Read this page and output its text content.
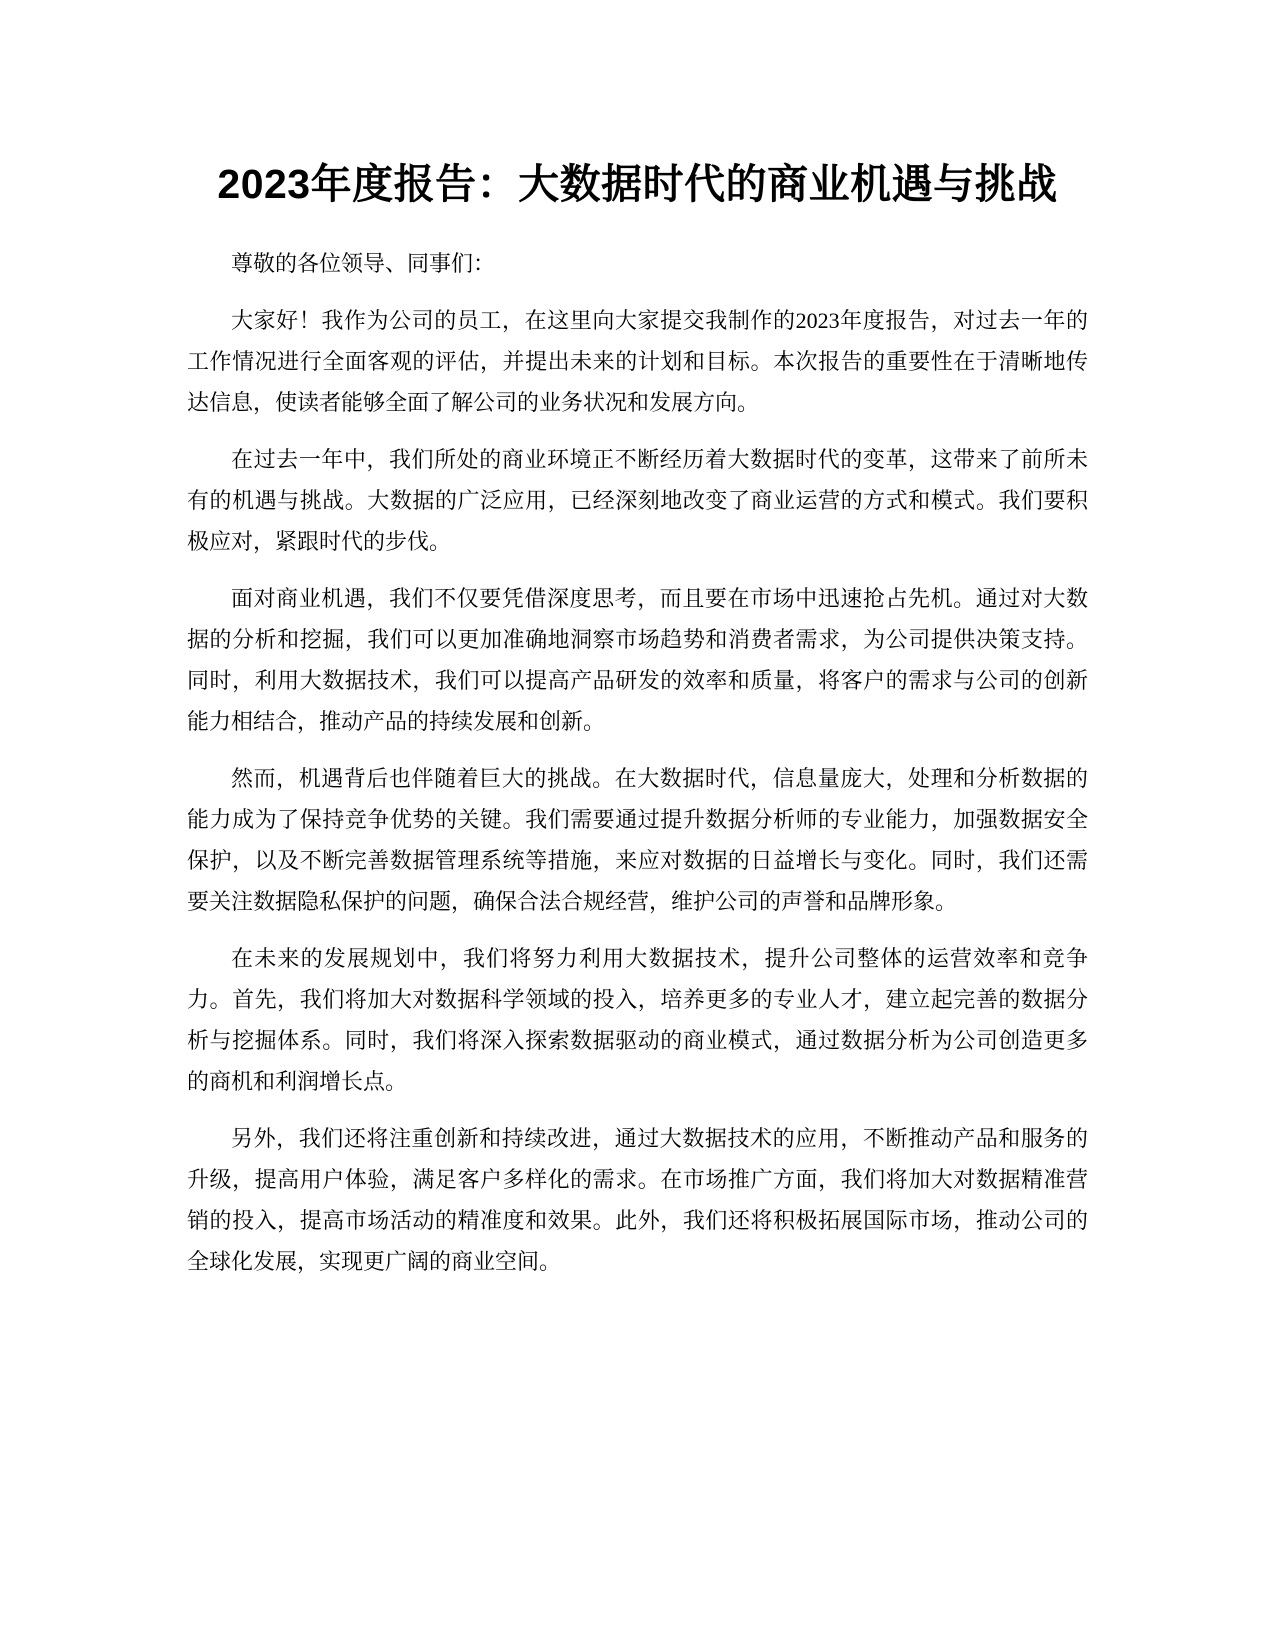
2023年度报告：大数据时代的商业机遇与挑战

尊敬的各位领导、同事们：

大家好！我作为公司的员工，在这里向大家提交我制作的2023年度报告，对过去一年的工作情况进行全面客观的评估，并提出未来的计划和目标。本次报告的重要性在于清晰地传达信息，使读者能够全面了解公司的业务状况和发展方向。

在过去一年中，我们所处的商业环境正不断经历着大数据时代的变革，这带来了前所未有的机遇与挑战。大数据的广泛应用，已经深刻地改变了商业运营的方式和模式。我们要积极应对，紧跟时代的步伐。

面对商业机遇，我们不仅要凭借深度思考，而且要在市场中迅速抢占先机。通过对大数据的分析和挖掘，我们可以更加准确地洞察市场趋势和消费者需求，为公司提供决策支持。同时，利用大数据技术，我们可以提高产品研发的效率和质量，将客户的需求与公司的创新能力相结合，推动产品的持续发展和创新。

然而，机遇背后也伴随着巨大的挑战。在大数据时代，信息量庞大，处理和分析数据的能力成为了保持竞争优势的关键。我们需要通过提升数据分析师的专业能力，加强数据安全保护，以及不断完善数据管理系统等措施，来应对数据的日益增长与变化。同时，我们还需要关注数据隐私保护的问题，确保合法合规经营，维护公司的声誉和品牌形象。

在未来的发展规划中，我们将努力利用大数据技术，提升公司整体的运营效率和竞争力。首先，我们将加大对数据科学领域的投入，培养更多的专业人才，建立起完善的数据分析与挖掘体系。同时，我们将深入探索数据驱动的商业模式，通过数据分析为公司创造更多的商机和利润增长点。

另外，我们还将注重创新和持续改进，通过大数据技术的应用，不断推动产品和服务的升级，提高用户体验，满足客户多样化的需求。在市场推广方面，我们将加大对数据精准营销的投入，提高市场活动的精准度和效果。此外，我们还将积极拓展国际市场，推动公司的全球化发展，实现更广阔的商业空间。
